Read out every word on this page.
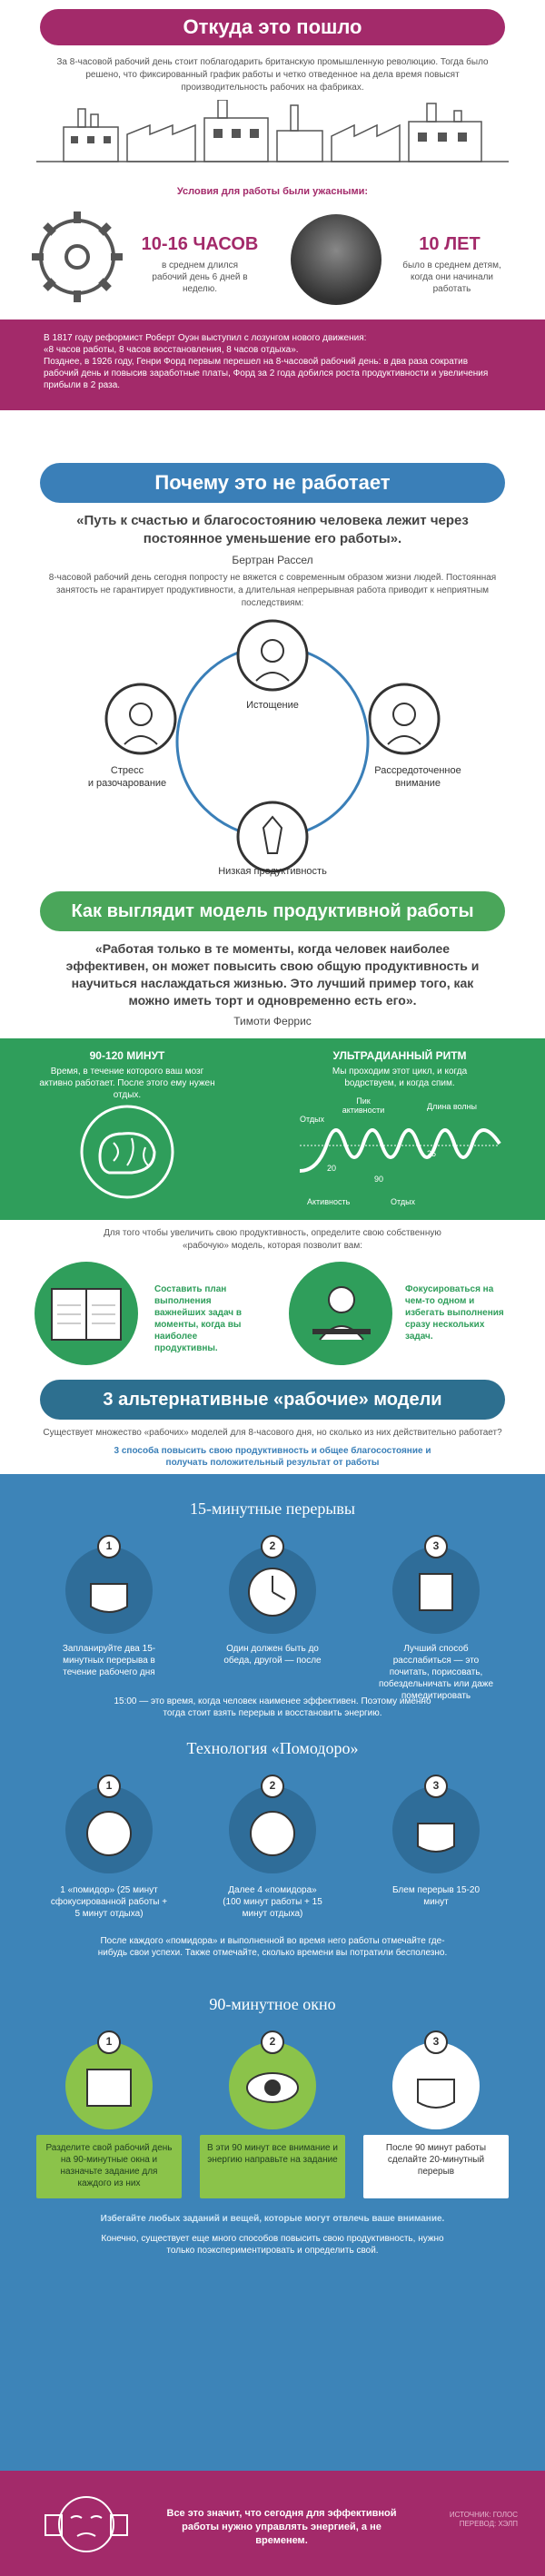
Откуда это пошло

За 8-часовой рабочий день стоит поблагодарить британскую промышленную революцию. Тогда было решено, что фиксированный график работы и четко отведенное на дела время повысят производительность рабочих на фабриках.

Условия для работы были ужасными:
10-16 ЧАСОВ
в среднем длился рабочий день 6 дней в неделю.
10 ЛЕТ
было в среднем детям, когда они начинали работать

В 1817 году реформист Роберт Оуэн выступил с лозунгом нового движения:

«8 часов работы, 8 часов восстановления, 8 часов отдыха».

Позднее, в 1926 году, Генри Форд первым перешел на 8-часовой рабочий день: в два раза сократив рабочий день и повысив заработные платы, Форд за 2 года добился роста продуктивности и увеличения прибыли в 2 раза.

Почему это не работает
«Путь к счастью и благосостоянию человека лежит через постоянное уменьшение его работы».
Бертран Рассел

8-часовой рабочий день сегодня попросту не вяжется с современным образом жизни людей. Постоянная занятость не гарантирует продуктивности, а длительная непрерывная работа приводит к неприятным последствиям:

Истощение
Стресс
и разочарование
Рассредоточенное
внимание
Низкая продуктивность
Как выглядит модель продуктивной работы
«Работая только в те моменты, когда человек наиболее эффективен, он может повысить свою общую продуктивность и научиться наслаждаться жизнью. Это лучший пример того, как можно иметь торт и одновременно есть его».
Тимоти Феррис
90-120 МИНУТ
Время, в течение которого ваш мозг активно работает. После этого ему нужен отдых.
УЛЬТРАДИАННЫЙ РИТМ
Мы проходим этот цикл, и когда bодрствуем, и когда спим.
Пик активности	Длина волны
Отдых
Активность	Отдых
20
90
25

Для того чтобы увеличить свою продуктивность, определите свою собственную «рабочую» модель, которая позволит вам:

Составить план выполнения важнейших задач в моменты, когда вы наиболее продуктивны.
Фокусироваться на чем-то одном и избегать выполнения сразу нескольких задач.
3 альтернативные «рабочие» модели

Существует множество «рабочих» моделей для 8-часового дня, но сколько из них действительно работает?

3 способа повысить свою продуктивность и общее благосостояние и получать положительный результат от работы

15-минутные перерывы
1	2	3
Запланируйте два 15-минутных перерыва в течение рабочего дня
Один должен быть до обеда, другой — после
Лучший способ расслабиться — это почитать, порисовать, побездельничать или даже помедитировать
15:00 — это время, когда человек наименее эффективен. Поэтому именно тогда стоит взять перерыв и восстановить энергию.
Технология «Помодоро»
1	2	3
1 «помидор» (25 минут сфокусированной работы + 5 минут отдыха)
Далее 4 «помидора» (100 минут работы + 15 минут отдыха)
Блем перерыв 15-20 минут
После каждого «помидора» и выполненной во время него работы отмечайте где-нибудь свои успехи. Также отмечайте, сколько времени вы потратили бесполезно.
90-минутное окно
1	2	3
Разделите свой рабочий день на 90-минутные окна и назначьте задание для каждого из них
В эти 90 минут все внимание и энергию направьте на задание
После 90 минут работы сделайте 20-минутный перерыв
Избегайте любых заданий и вещей, которые могут отвлечь ваше внимание.
Конечно, существует еще много способов повысить свою продуктивность, нужно только поэкспериментировать и определить свой.
Все это значит, что сегодня для эффективной работы нужно управлять энергией, а не временем.
ИСТОЧНИК: ГОЛОС ПЕРЕВОД: ХЭЛП
